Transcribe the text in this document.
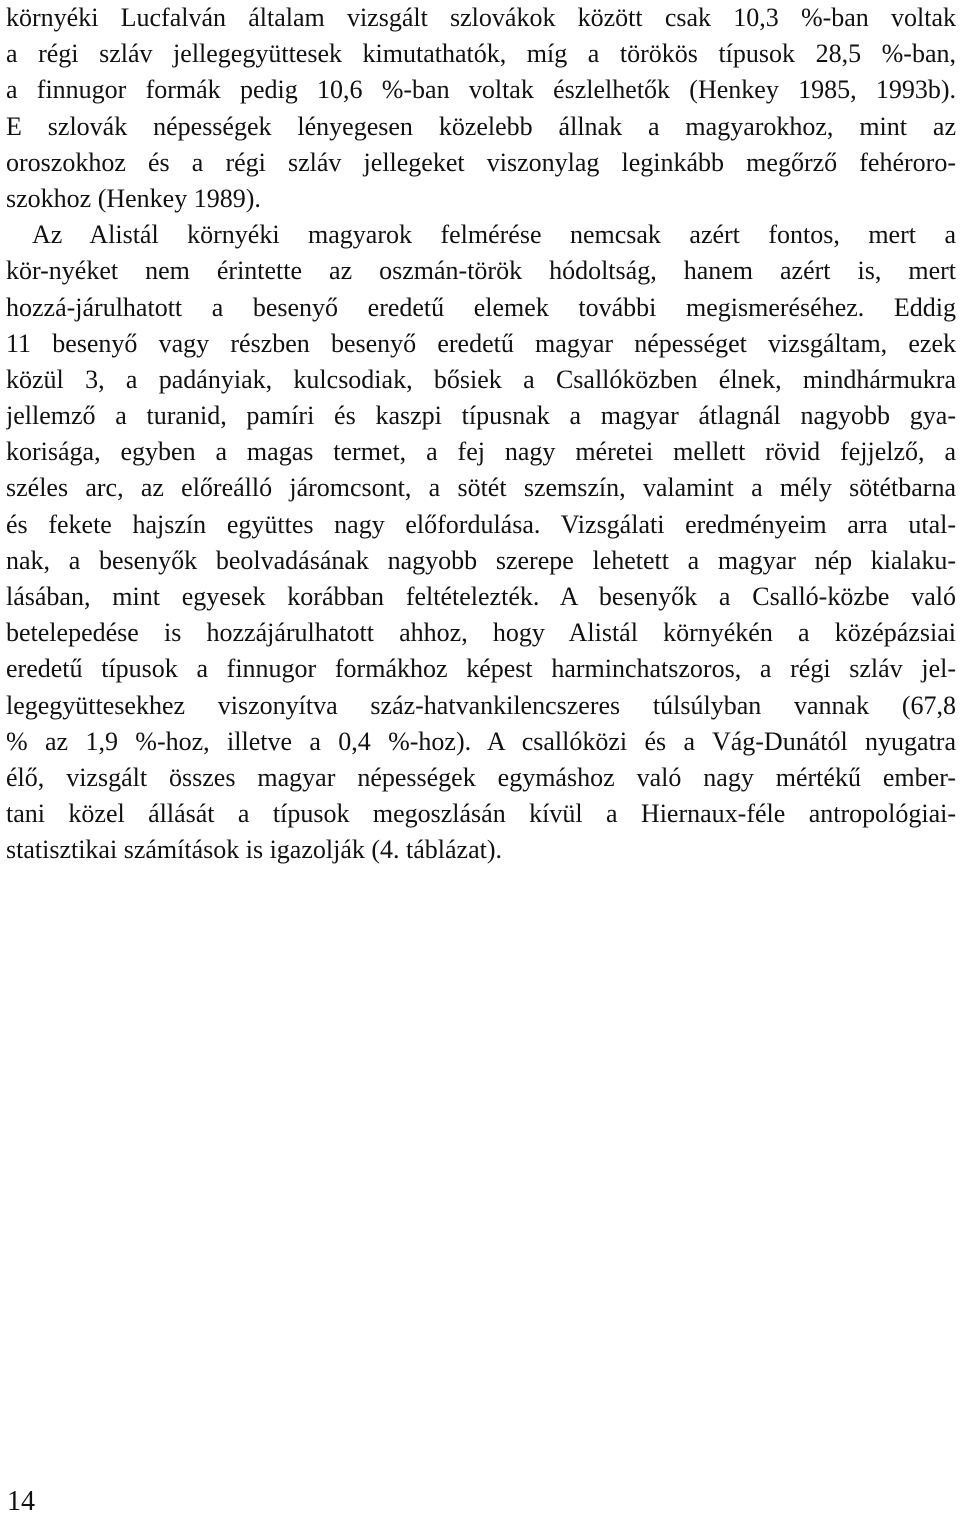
környéki Lucfalván általam vizsgált szlovákok között csak 10,3 %-ban voltak
a régi szláv jellegegyüttesek kimutathatók, míg a törökös típusok 28,5 %-ban,
a finnugor formák pedig 10,6 %-ban voltak észlelhetők (Henkey 1985, 1993b).
E szlovák népességek lényegesen közelebb állnak a magyarokhoz, mint az
oroszokhoz és a régi szláv jellegeket viszonylag leginkább megőrző fehéroro-
szokhoz (Henkey 1989).
Az Alistál környéki magyarok felmérése nemcsak azért fontos, mert a
kör-nyéket nem érintette az oszmán-török hódoltság, hanem azért is, mert
hozzá-járulhatott a besenyő eredetű elemek további megismeréséhez. Eddig
11 besenyő vagy részben besenyő eredetű magyar népességet vizsgáltam, ezek
közül 3, a padányiak, kulcsodiak, bősiek a Csallóközben élnek, mindhármukra
jellemző a turanid, pamíri és kaszpi típusnak a magyar átlagnál nagyobb gya-
korisága, egyben a magas termet, a fej nagy méretei mellett rövid fejjelző, a
széles arc, az előreálló járomcsont, a sötét szemszín, valamint a mély sötétbarna
és fekete hajszín együttes nagy előfordulása. Vizsgálati eredményeim arra utal-
nak, a besenyők beolvadásának nagyobb szerepe lehetett a magyar nép kialaku-
lásában, mint egyesek korábban feltételezték. A besenyők a Csalló-közbe való
betelepedése is hozzájárulhatott ahhoz, hogy Alistál környékén a középázsiai
eredetű típusok a finnugor formákhoz képest harminchatszoros, a régi szláv jel-
legegyüttesekhez viszonyítva száz-hatvankilencszeres túlsúlyban vannak (67,8
% az 1,9 %-hoz, illetve a 0,4 %-hoz). A csallóközi és a Vág-Dunától nyugatra
élő, vizsgált összes magyar népességek egymáshoz való nagy mértékű ember-
tani közel állását a típusok megoszlásán kívül a Hiernaux-féle antropológiai-
statisztikai számítások is igazolják (4. táblázat).
14
